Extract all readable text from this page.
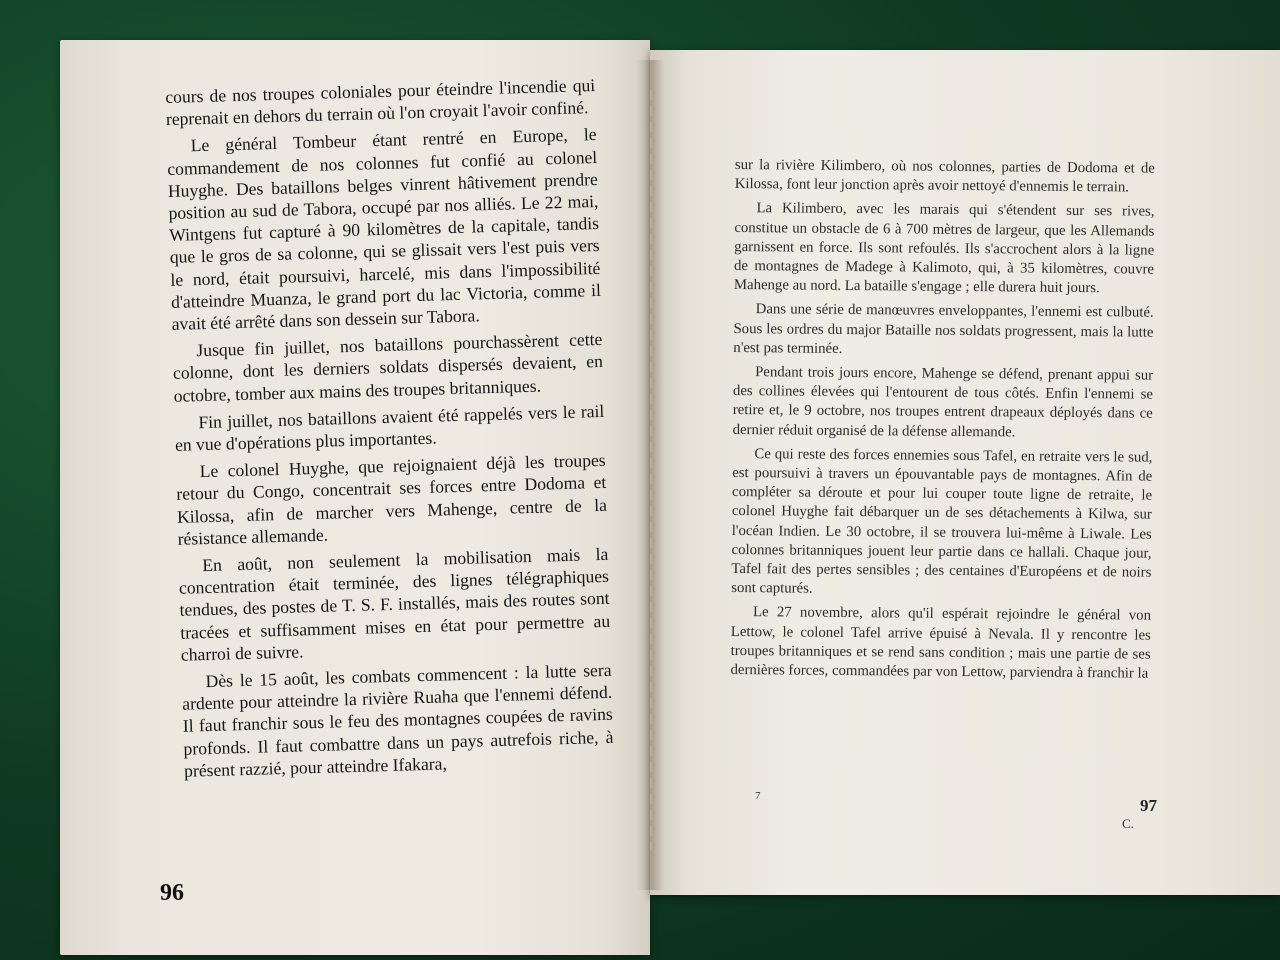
cours de nos troupes coloniales pour éteindre l'incendie qui reprenait en dehors du terrain où l'on croyait l'avoir confiné.

Le général Tombeur étant rentré en Europe, le commandement de nos colonnes fut confié au colonel Huyghe. Des bataillons belges vinrent hâtivement prendre position au sud de Tabora, occupé par nos alliés. Le 22 mai, Wintgens fut capturé à 90 kilomètres de la capitale, tandis que le gros de sa colonne, qui se glissait vers l'est puis vers le nord, était poursuivi, harcelé, mis dans l'impossibilité d'atteindre Muanza, le grand port du lac Victoria, comme il avait été arrêté dans son dessein sur Tabora.

Jusque fin juillet, nos bataillons pourchassèrent cette colonne, dont les derniers soldats dispersés devaient, en octobre, tomber aux mains des troupes britanniques.

Fin juillet, nos bataillons avaient été rappelés vers le rail en vue d'opérations plus importantes.

Le colonel Huyghe, que rejoignaient déjà les troupes retour du Congo, concentrait ses forces entre Dodoma et Kilossa, afin de marcher vers Mahenge, centre de la résistance allemande.

En août, non seulement la mobilisation mais la concentration était terminée, des lignes télégraphiques tendues, des postes de T. S. F. installés, mais des routes sont tracées et suffisamment mises en état pour permettre au charroi de suivre.

Dès le 15 août, les combats commencent : la lutte sera ardente pour atteindre la rivière Ruaha que l'ennemi défend. Il faut franchir sous le feu des montagnes coupées de ravins profonds. Il faut combattre dans un pays autrefois riche, à présent razzié, pour atteindre Ifakara,

96

sur la rivière Kilimbero, où nos colonnes, parties de Dodoma et de Kilossa, font leur jonction après avoir nettoyé d'ennemis le terrain.

La Kilimbero, avec les marais qui s'étendent sur ses rives, constitue un obstacle de 6 à 700 mètres de largeur, que les Allemands garnissent en force. Ils sont refoulés. Ils s'accrochent alors à la ligne de montagnes de Madege à Kalimoto, qui, à 35 kilomètres, couvre Mahenge au nord. La bataille s'engage ; elle durera huit jours.

Dans une série de manœuvres enveloppantes, l'ennemi est culbuté. Sous les ordres du major Bataille nos soldats progressent, mais la lutte n'est pas terminée.

Pendant trois jours encore, Mahenge se défend, prenant appui sur des collines élevées qui l'entourent de tous côtés. Enfin l'ennemi se retire et, le 9 octobre, nos troupes entrent drapeaux déployés dans ce dernier réduit organisé de la défense allemande.

Ce qui reste des forces ennemies sous Tafel, en retraite vers le sud, est poursuivi à travers un épouvantable pays de montagnes. Afin de compléter sa déroute et pour lui couper toute ligne de retraite, le colonel Huyghe fait débarquer un de ses détachements à Kilwa, sur l'océan Indien. Le 30 octobre, il se trouvera lui-même à Liwale. Les colonnes britanniques jouent leur partie dans ce hallali. Chaque jour, Tafel fait des pertes sensibles ; des centaines d'Européens et de noirs sont capturés.

Le 27 novembre, alors qu'il espérait rejoindre le général von Lettow, le colonel Tafel arrive épuisé à Nevala. Il y rencontre les troupes britanniques et se rend sans condition ; mais une partie de ses dernières forces, commandées par von Lettow, parviendra à franchir la

7
C.
97
